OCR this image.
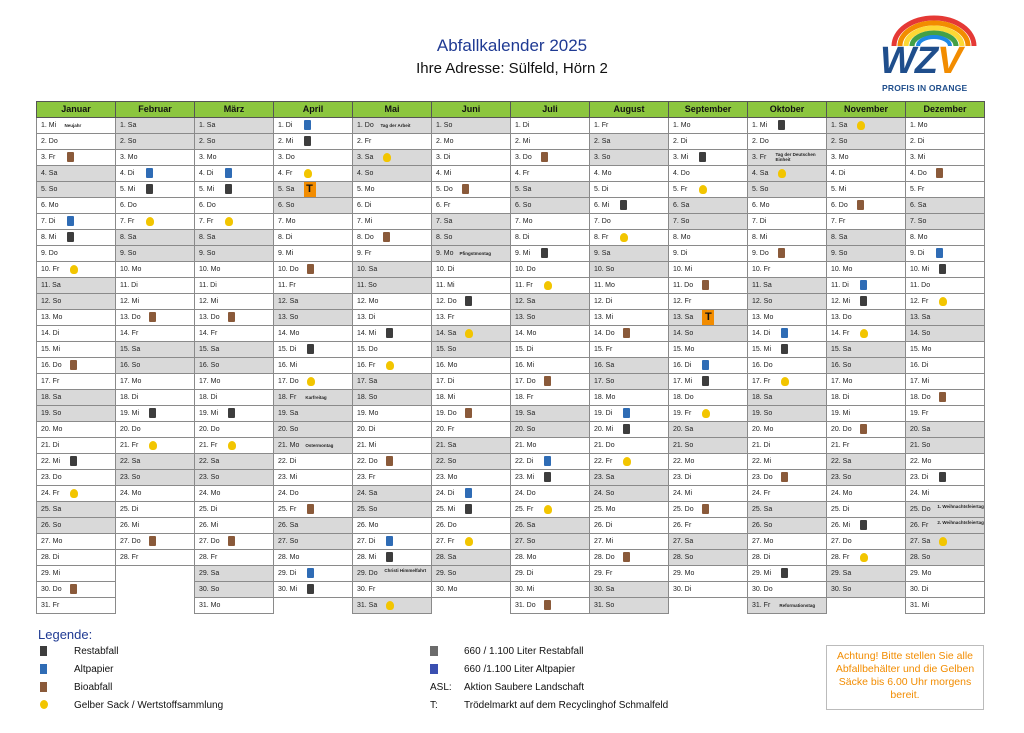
Abfallkalender 2025
Ihre Adresse: Sülfeld, Hörn 2	WZV
PROFIS IN ORANGE
Januar
1. Mi Neujahr
2. Do
3. Fr
4. Sa
5. So
6. Mo
7. Di
8. Mi
9. Do
10. Fr
11. Sa
12. So
13. Mo
14. Di
15. Mi
16. Do
17. Fr
18. Sa
19. So
20. Mo
21. Di
22. Mi
23. Do
24. Fr
25. Sa
26. So
27. Mo
28. Di
29. Mi
30. Do
31. Fr
Februar
1. Sa
2. So
3. Mo
4. Di
5. Mi
6. Do
7. Fr
8. Sa
9. So
10. Mo
11. Di
12. Mi
13. Do
14. Fr
15. Sa
16. So
17. Mo
18. Di
19. Mi
20. Do
21. Fr
22. Sa
23. So
24. Mo
25. Di
26. Mi
27. Do
28. Fr
März
1. Sa
2. So
3. Mo
4. Di
5. Mi
6. Do
7. Fr
8. Sa
9. So
10. Mo
11. Di
12. Mi
13. Do
14. Fr
15. Sa
16. So
17. Mo
18. Di
19. Mi
20. Do
21. Fr
22. Sa
23. So
24. Mo
25. Di
26. Mi
27. Do
28. Fr
29. Sa
30. So
31. Mo
April
1. Di
2. Mi
3. Do
4. Fr
5. Sa T
6. So
7. Mo
8. Di
9. Mi
10. Do
11. Fr
12. Sa
13. So
14. Mo
15. Di
16. Mi
17. Do
18. Fr Karfreitag
19. Sa
20. So
21. Mo Ostermontag
22. Di
23. Mi
24. Do
25. Fr
26. Sa
27. So
28. Mo
29. Di
30. Mi
Mai
1. Do Tag der Arbeit
2. Fr
3. Sa
4. So
5. Mo
6. Di
7. Mi
8. Do
9. Fr
10. Sa
11. So
12. Mo
13. Di
14. Mi
15. Do
16. Fr
17. Sa
18. So
19. Mo
20. Di
21. Mi
22. Do
23. Fr
24. Sa
25. So
26. Mo
27. Di
28. Mi
29. Do Christi Himmelfahrt
30. Fr
31. Sa
Juni
1. So
2. Mo
3. Di
4. Mi
5. Do
6. Fr
7. Sa
8. So
9. Mo Pfingstmontag
10. Di
11. Mi
12. Do
13. Fr
14. Sa
15. So
16. Mo
17. Di
18. Mi
19. Do
20. Fr
21. Sa
22. So
23. Mo
24. Di
25. Mi
26. Do
27. Fr
28. Sa
29. So
30. Mo
Juli
1. Di
2. Mi
3. Do
4. Fr
5. Sa
6. So
7. Mo
8. Di
9. Mi
10. Do
11. Fr
12. Sa
13. So
14. Mo
15. Di
16. Mi
17. Do
18. Fr
19. Sa
20. So
21. Mo
22. Di
23. Mi
24. Do
25. Fr
26. Sa
27. So
28. Mo
29. Di
30. Mi
31. Do
August
1. Fr
2. Sa
3. So
4. Mo
5. Di
6. Mi
7. Do
8. Fr
9. Sa
10. So
11. Mo
12. Di
13. Mi
14. Do
15. Fr
16. Sa
17. So
18. Mo
19. Di
20. Mi
21. Do
22. Fr
23. Sa
24. So
25. Mo
26. Di
27. Mi
28. Do
29. Fr
30. Sa
31. So
September
1. Mo
2. Di
3. Mi
4. Do
5. Fr
6. Sa
7. So
8. Mo
9. Di
10. Mi
11. Do
12. Fr
13. Sa T
14. So
15. Mo
16. Di
17. Mi
18. Do
19. Fr
20. Sa
21. So
22. Mo
23. Di
24. Mi
25. Do
26. Fr
27. Sa
28. So
29. Mo
30. Di
Oktober
1. Mi
2. Do
3. Fr Tag der Deutschen Einheit
4. Sa
5. So
6. Mo
7. Di
8. Mi
9. Do
10. Fr
11. Sa
12. So
13. Mo
14. Di
15. Mi
16. Do
17. Fr
18. Sa
19. So
20. Mo
21. Di
22. Mi
23. Do
24. Fr
25. Sa
26. So
27. Mo
28. Di
29. Mi
30. Do
31. Fr Reformationstag
November
1. Sa
2. So
3. Mo
4. Di
5. Mi
6. Do
7. Fr
8. Sa
9. So
10. Mo
11. Di
12. Mi
13. Do
14. Fr
15. Sa
16. So
17. Mo
18. Di
19. Mi
20. Do
21. Fr
22. Sa
23. So
24. Mo
25. Di
26. Mi
27. Do
28. Fr
29. Sa
30. So
Dezember
1. Mo
2. Di
3. Mi
4. Do
5. Fr
6. Sa
7. So
8. Mo
9. Di
10. Mi
11. Do
12. Fr
13. Sa
14. So
15. Mo
16. Di
17. Mi
18. Do
19. Fr
20. Sa
21. So
22. Mo
23. Di
24. Mi
25. Do 1. Weihnachtsfeiertag
26. Fr 2. Weihnachtsfeiertag
27. Sa
28. So
29. Mo
30. Di
31. Mi
Legende:
Restabfall
Altpapier
Bioabfall
Gelber Sack / Wertstoffsammlung
660 / 1.100 Liter Restabfall
660 /1.100 Liter Altpapier
ASL: Aktion Saubere Landschaft
T:	Trödelmarkt auf dem Recyclinghof Schmalfeld
Achtung! Bitte stellen Sie alle Abfallbehälter und die Gelben Säcke bis 6.00 Uhr morgens bereit.
